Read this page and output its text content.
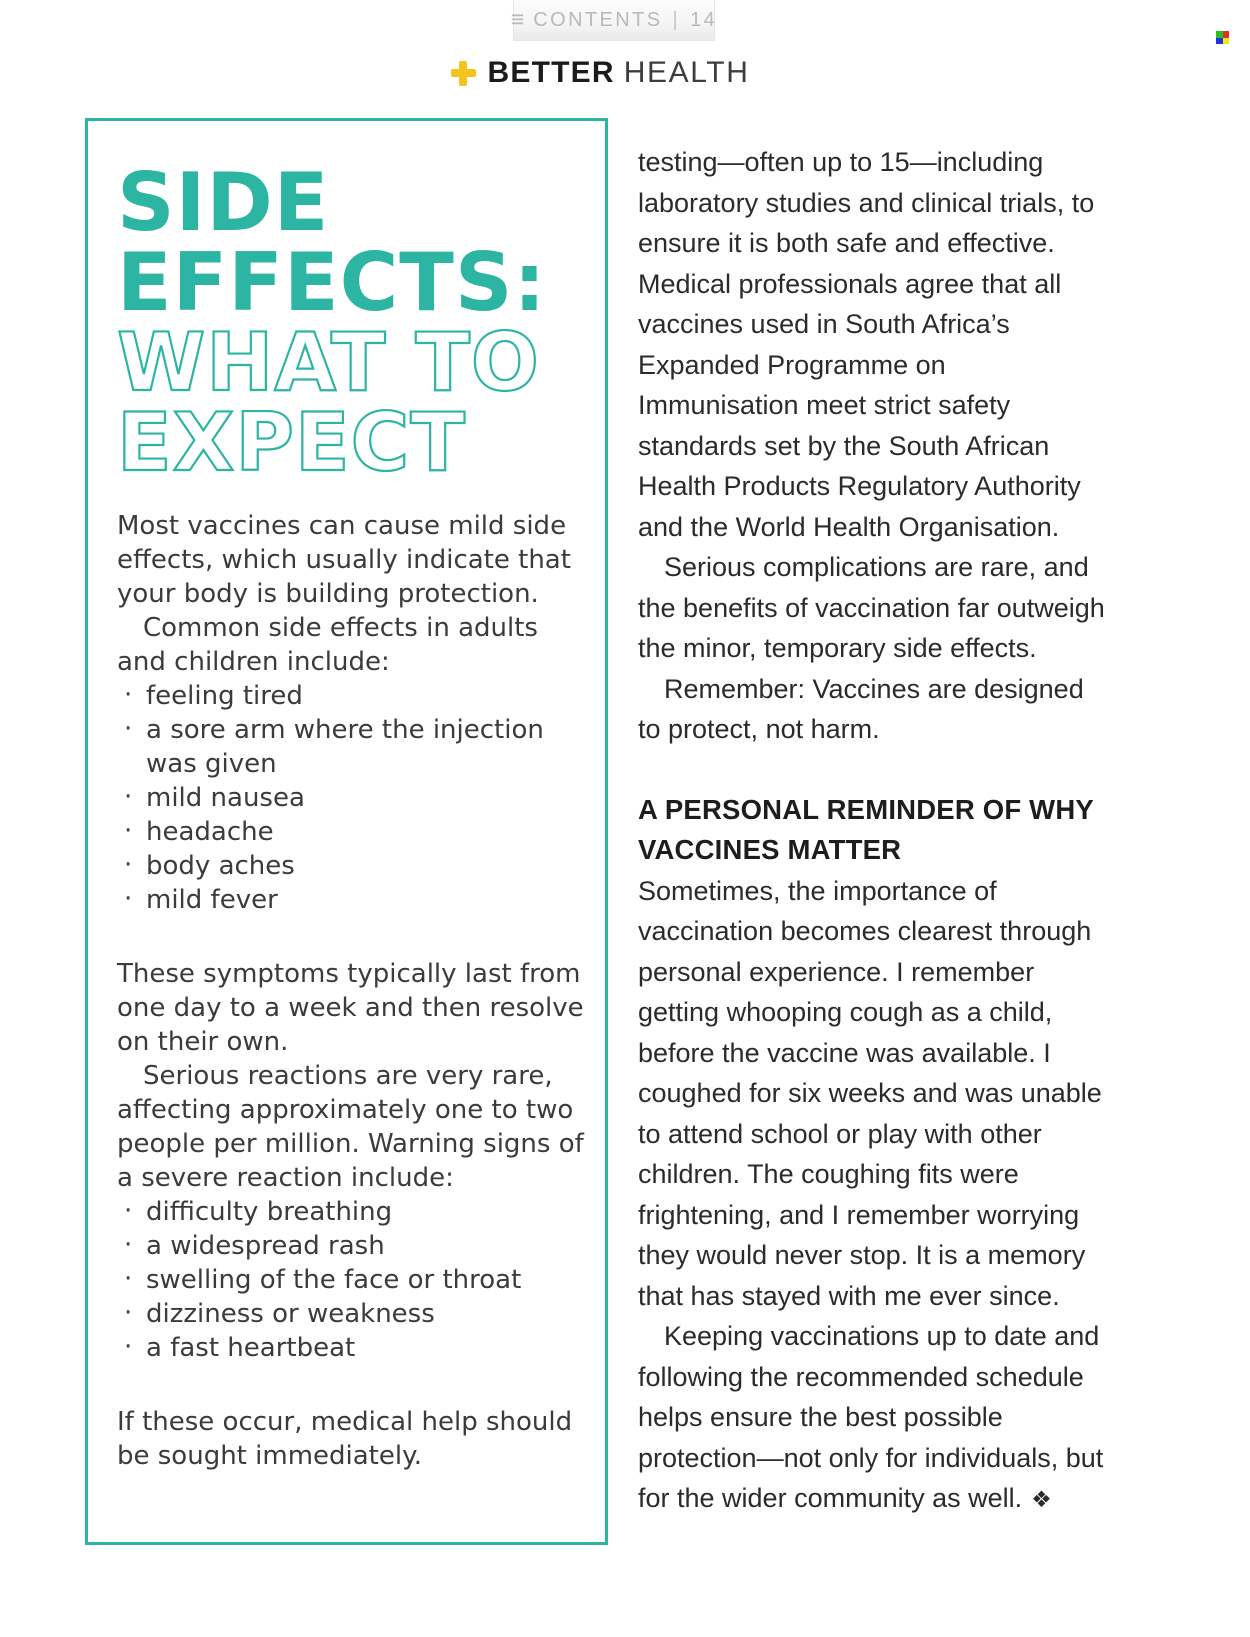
≡ CONTENTS | 14
BETTER HEALTH
SIDE
EFFECTS:
WHAT TO
EXPECT

Most vaccines can cause mild side effects, which usually indicate that your body is building protection.

Common side effects in adults and children include:

· feeling tired
· a sore arm where the injection was given
· mild nausea
· headache
· body aches
· mild fever

These symptoms typically last from one day to a week and then resolve on their own.

Serious reactions are very rare, affecting approximately one to two people per million. Warning signs of a severe reaction include:

· difficulty breathing
· a widespread rash
· swelling of the face or throat
· dizziness or weakness
· a fast heartbeat

If these occur, medical help should be sought immediately.

testing—often up to 15—including laboratory studies and clinical trials, to ensure it is both safe and effective. Medical professionals agree that all vaccines used in South Africa’s Expanded Programme on Immunisation meet strict safety standards set by the South African Health Products Regulatory Authority and the World Health Organisation.

Serious complications are rare, and the benefits of vaccination far outweigh the minor, temporary side effects.

Remember: Vaccines are designed to protect, not harm.

A PERSONAL REMINDER OF WHY VACCINES MATTER

Sometimes, the importance of vaccination becomes clearest through personal experience. I remember getting whooping cough as a child, before the vaccine was available. I coughed for six weeks and was unable to attend school or play with other children. The coughing fits were frightening, and I remember worrying they would never stop. It is a memory that has stayed with me ever since.

Keeping vaccinations up to date and following the recommended schedule helps ensure the best possible protection—not only for individuals, but for the wider community as well. ❖
